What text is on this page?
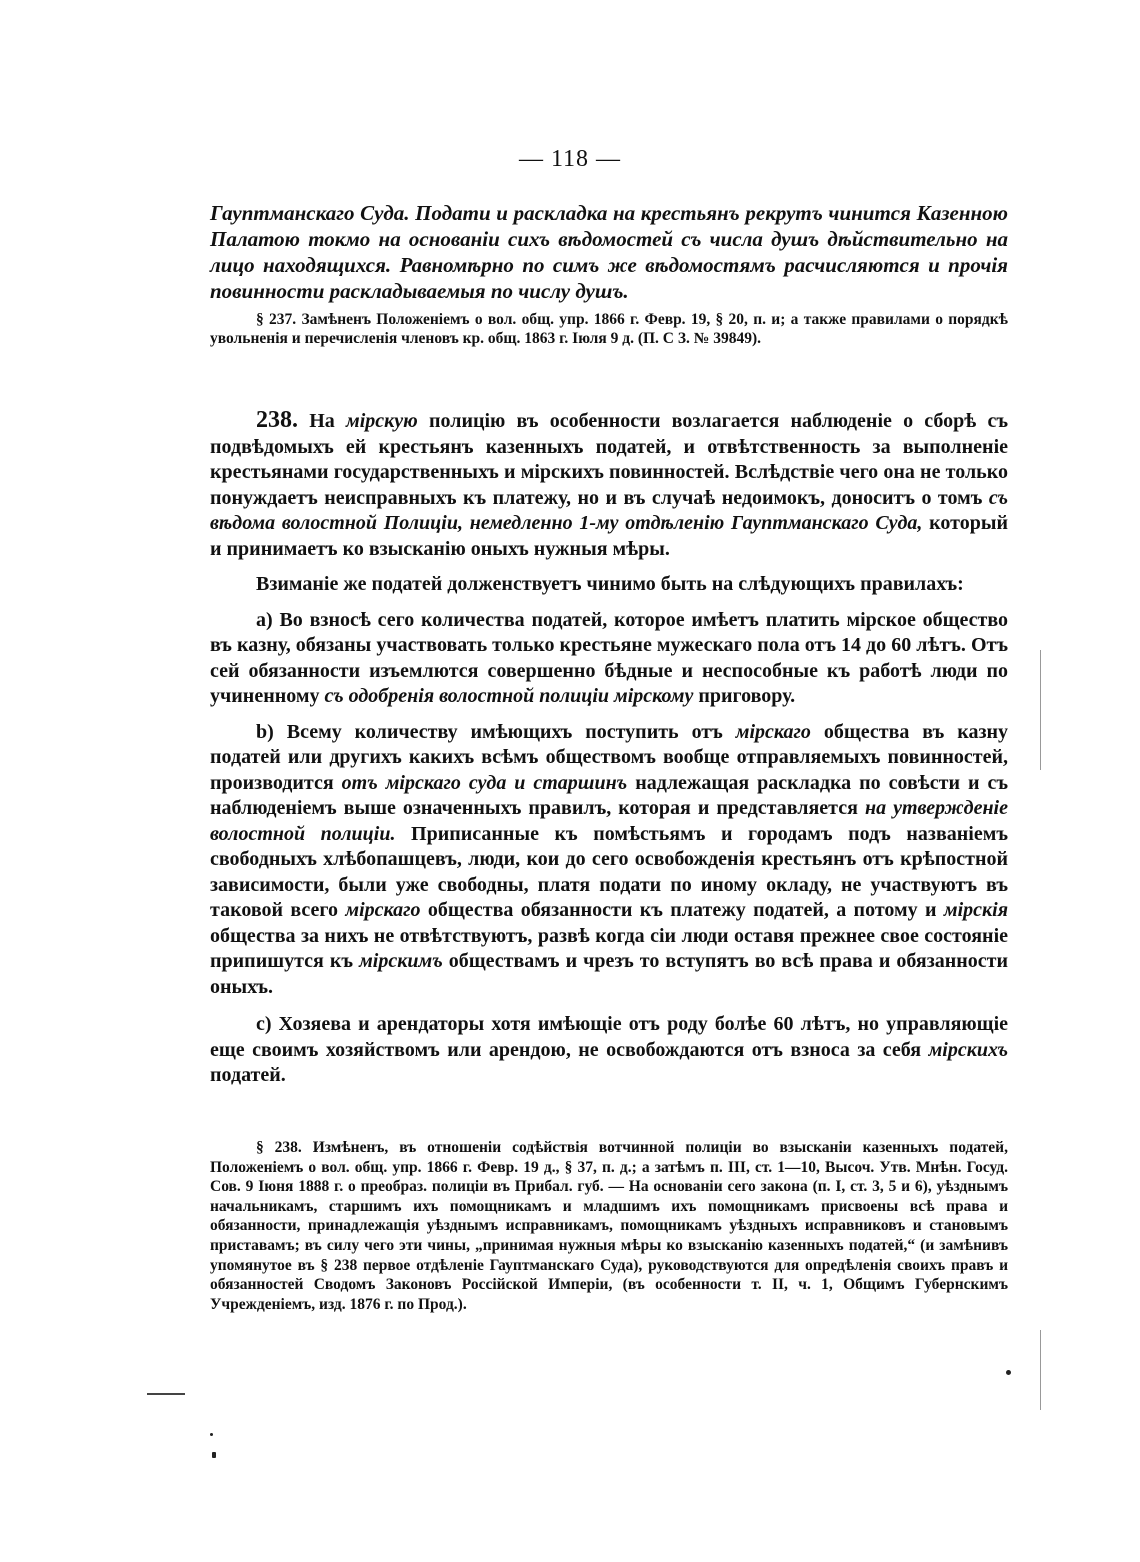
— 118 —
Гауптманскаго Суда. Подати и раскладка на крестьянъ рекрутъ чинится Казенною Палатою токмо на основаніи сихъ вѣдомостей съ числа душъ дѣйствительно на лицо находящихся. Равномѣрно по симъ же вѣдомостямъ расчисляются и прочія повинности раскладываемыя по числу душъ.

§ 237. Замѣненъ Положеніемъ о вол. общ. упр. 1866 г. Февр. 19, § 20, п. и; а также правилами о порядкѣ увольненія и перечисленія членовъ кр. общ. 1863 г. Іюля 9 д. (П. С З. № 39849).

238. На мірскую полицію въ особенности возлагается наблюденіе о сборѣ съ подвѣдомыхъ ей крестьянъ казенныхъ податей, и отвѣтственность за выполненіе крестьянами государственныхъ и мірскихъ повинностей. Вслѣдствіе чего она не только понуждаетъ неисправныхъ къ платежу, но и въ случаѣ недоимокъ, доноситъ о томъ съ вѣдома волостной Полиціи, немедленно 1-му отдѣленію Гауптманскаго Суда, который и принимаетъ ко взысканію оныхъ нужныя мѣры.

Взиманіе же податей долженствуетъ чинимо быть на слѣдующихъ правилахъ:

a) Во взносѣ сего количества податей, которое имѣетъ платить мірское общество въ казну, обязаны участвовать только крестьяне мужескаго пола отъ 14 до 60 лѣтъ. Отъ сей обязанности изъемлются совершенно бѣдные и неспособные къ работѣ люди по учиненному съ одобренія волостной полиціи мірскому приговору.

b) Всему количеству имѣющихъ поступить отъ мірскаго общества въ казну податей или другихъ какихъ всѣмъ обществомъ вообще отправляемыхъ повинностей, производится отъ мірскаго суда и старшинъ надлежащая раскладка по совѣсти и съ наблюденіемъ выше означенныхъ правилъ, которая и представляется на утвержденіе волостной полиціи. Приписанные къ помѣстьямъ и городамъ подъ названіемъ свободныхъ хлѣбопашцевъ, люди, кои до сего освобожденія крестьянъ отъ крѣпостной зависимости, были уже свободны, платя подати по иному окладу, не участвуютъ въ таковой всего мірскаго общества обязанности къ платежу податей, а потому и мірскія общества за нихъ не отвѣтствуютъ, развѣ когда сіи люди оставя прежнее свое состояніе припишутся къ мірскимъ обществамъ и чрезъ то вступятъ во всѣ права и обязанности оныхъ.

c) Хозяева и арендаторы хотя имѣющіе отъ роду болѣе 60 лѣтъ, но управляющіе еще своимъ хозяйствомъ или арендою, не освобождаются отъ взноса за себя мірскихъ податей.

§ 238. Измѣненъ, въ отношеніи содѣйствія вотчинной полиціи во взысканіи казенныхъ податей, Положеніемъ о вол. общ. упр. 1866 г. Февр. 19 д., § 37, п. д.; а затѣмъ п. III, ст. 1—10, Высоч. Утв. Мнѣн. Госуд. Сов. 9 Іюня 1888 г. о преобраз. полиціи въ Прибал. губ. — На основаніи сего закона (п. I, ст. 3, 5 и 6), уѣзднымъ начальникамъ, старшимъ ихъ помощникамъ и младшимъ ихъ помощникамъ присвоены всѣ права и обязанности, принадлежащія уѣзднымъ исправникамъ, помощникамъ уѣздныхъ исправниковъ и становымъ приставамъ; въ силу чего эти чины, „принимая нужныя мѣры ко взысканію казенныхъ податей,“ (и замѣнивъ упомянутое въ § 238 первое отдѣленіе Гауптманскаго Суда), руководствуются для опредѣленія своихъ правъ и обязанностей Сводомъ Законовъ Россійской Имперіи, (въ особенности т. II, ч. 1, Общимъ Губернскимъ Учрежденіемъ, изд. 1876 г. по Прод.).
